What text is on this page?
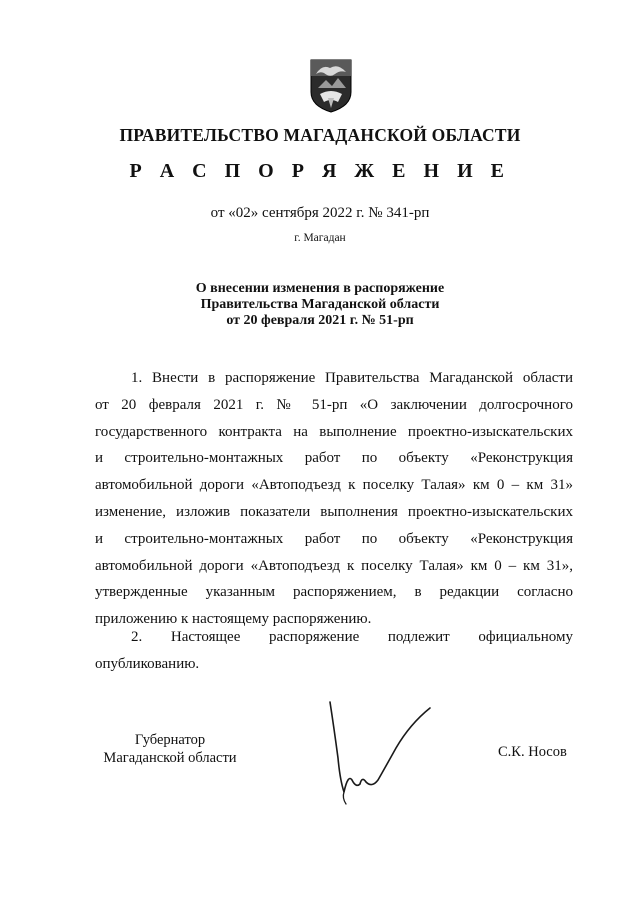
ПРАВИТЕЛЬСТВО МАГАДАНСКОЙ ОБЛАСТИ
Р А С П О Р Я Ж Е Н И Е
от «02» сентября 2022 г. № 341-рп
г. Магадан
О внесении изменения в распоряжение
Правительства Магаданской области
от 20 февраля 2021 г. № 51-рп

1. Внести в распоряжение Правительства Магаданской области
от 20 февраля 2021 г. № 51-рп «О заключении долгосрочного
государственного контракта на выполнение проектно-изыскательских
и строительно-монтажных работ по объекту «Реконструкция
автомобильной дороги «Автоподъезд к поселку Талая» км 0 – км 31»
изменение, изложив показатели выполнения проектно-изыскательских
и строительно-монтажных работ по объекту «Реконструкция
автомобильной дороги «Автоподъезд к поселку Талая» км 0 – км 31»,
утвержденные указанным распоряжением, в редакции согласно
приложению к настоящему распоряжению.

2. Настоящее распоряжение подлежит официальному
опубликованию.

Губернатор
Магаданской области	С.К. Носов
